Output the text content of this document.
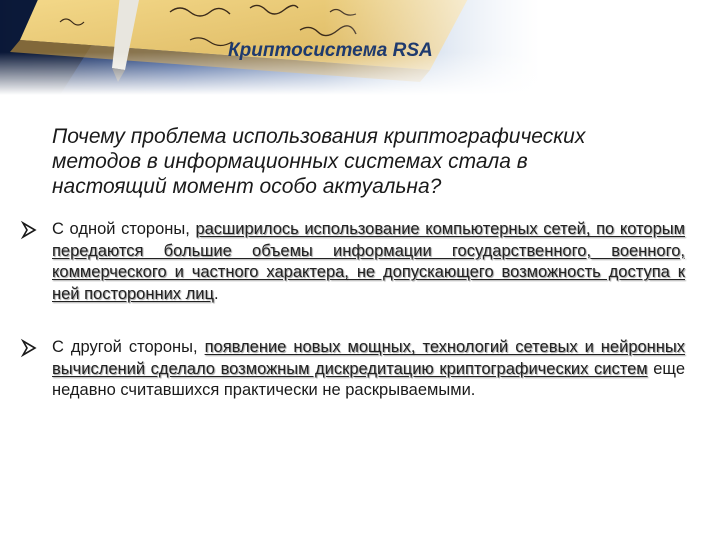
Криптосистема RSA
Почему проблема использования криптографических
методов в информационных системах стала в
настоящий момент особо актуальна?
С одной стороны, расширилось использование компьютерных сетей, по которым передаются большие объемы информации государственного, военного, коммерческого и частного характера, не допускающего возможность доступа к ней посторонних лиц.
С другой стороны, появление новых мощных, технологий сетевых и нейронных вычислений сделало возможным дискредитацию криптографических систем еще недавно считавшихся практически не раскрываемыми.
